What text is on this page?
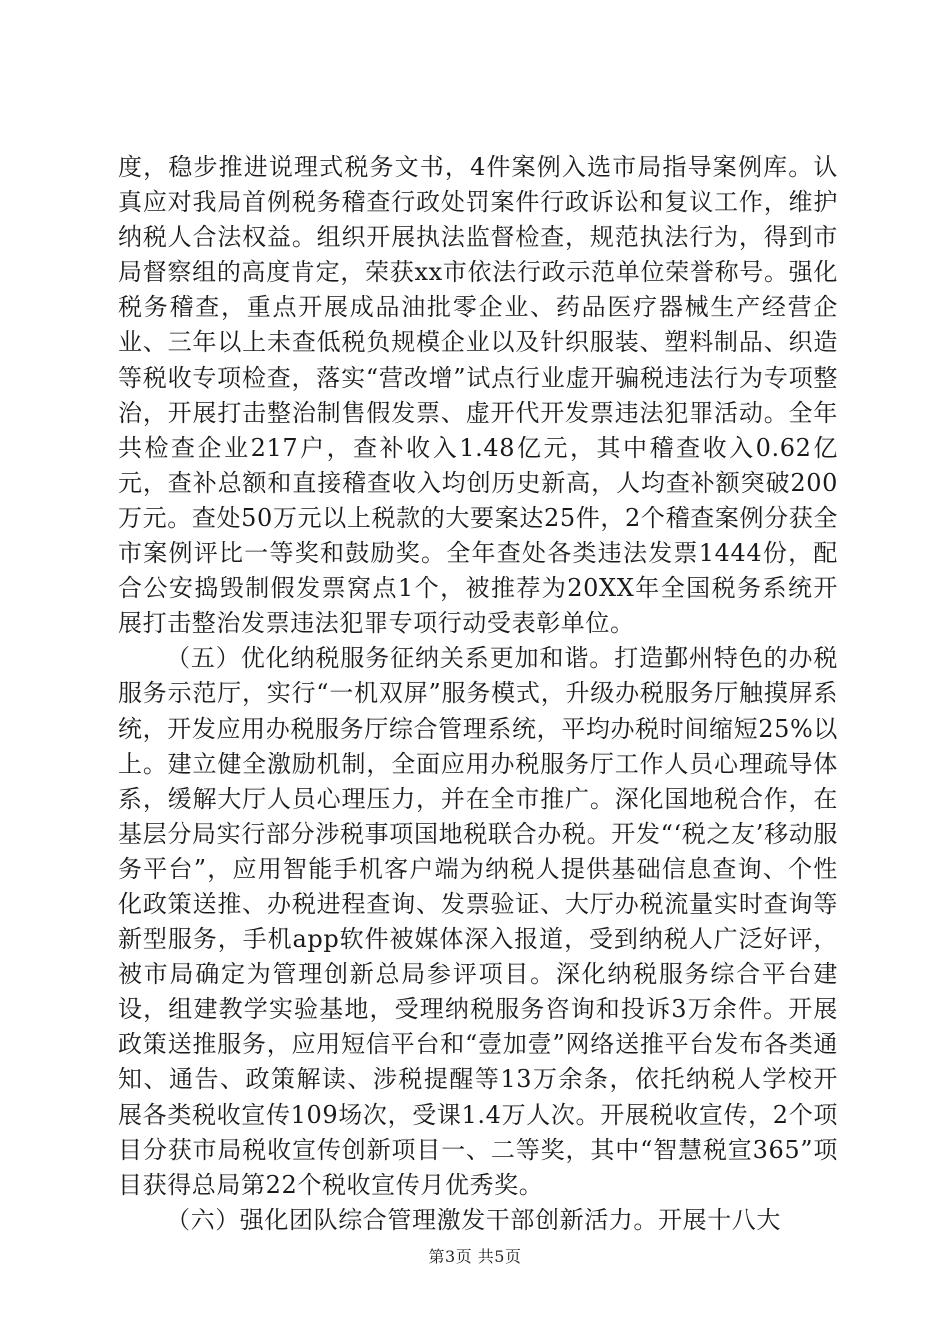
度，稳步推进说理式税务文书，4件案例入选市局指导案例库。认真应对我局首例税务稽查行政处罚案件行政诉讼和复议工作，维护纳税人合法权益。组织开展执法监督检查，规范执法行为，得到市局督察组的高度肯定，荣获xx市依法行政示范单位荣誉称号。强化税务稽查，重点开展成品油批零企业、药品医疗器械生产经营企业、三年以上未查低税负规模企业以及针织服装、塑料制品、织造等税收专项检查，落实“营改增”试点行业虚开骗税违法行为专项整治，开展打击整治制售假发票、虚开代开发票违法犯罪活动。全年共检查企业217户，查补收入1.48亿元，其中稽查收入0.62亿元，查补总额和直接稽查收入均创历史新高，人均查补额突破200万元。查处50万元以上税款的大要案达25件，2个稽查案例分获全市案例评比一等奖和鼓励奖。全年查处各类违法发票1444份，配合公安捣毁制假发票窝点1个，被推荐为20XX年全国税务系统开展打击整治发票违法犯罪专项行动受表彰单位。

（五）优化纳税服务征纳关系更加和谐。打造鄞州特色的办税服务示范厅，实行“一机双屏”服务模式，升级办税服务厅触摸屏系统，开发应用办税服务厅综合管理系统，平均办税时间缩短25%以上。建立健全激励机制，全面应用办税服务厅工作人员心理疏导体系，缓解大厅人员心理压力，并在全市推广。深化国地税合作，在基层分局实行部分涉税事项国地税联合办税。开发“‘税之友’移动服务平台”，应用智能手机客户端为纳税人提供基础信息查询、个性化政策送推、办税进程查询、发票验证、大厅办税流量实时查询等新型服务，手机app软件被媒体深入报道，受到纳税人广泛好评，被市局确定为管理创新总局参评项目。深化纳税服务综合平台建设，组建教学实验基地，受理纳税服务咨询和投诉3万余件。开展政策送推服务，应用短信平台和“壹加壹”网络送推平台发布各类通知、通告、政策解读、涉税提醒等13万余条，依托纳税人学校开展各类税收宣传109场次，受课1.4万人次。开展税收宣传，2个项目分获市局税收宣传创新项目一、二等奖，其中“智慧税宣365”项目获得总局第22个税收宣传月优秀奖。

（六）强化团队综合管理激发干部创新活力。开展十八大

第3页 共5页
